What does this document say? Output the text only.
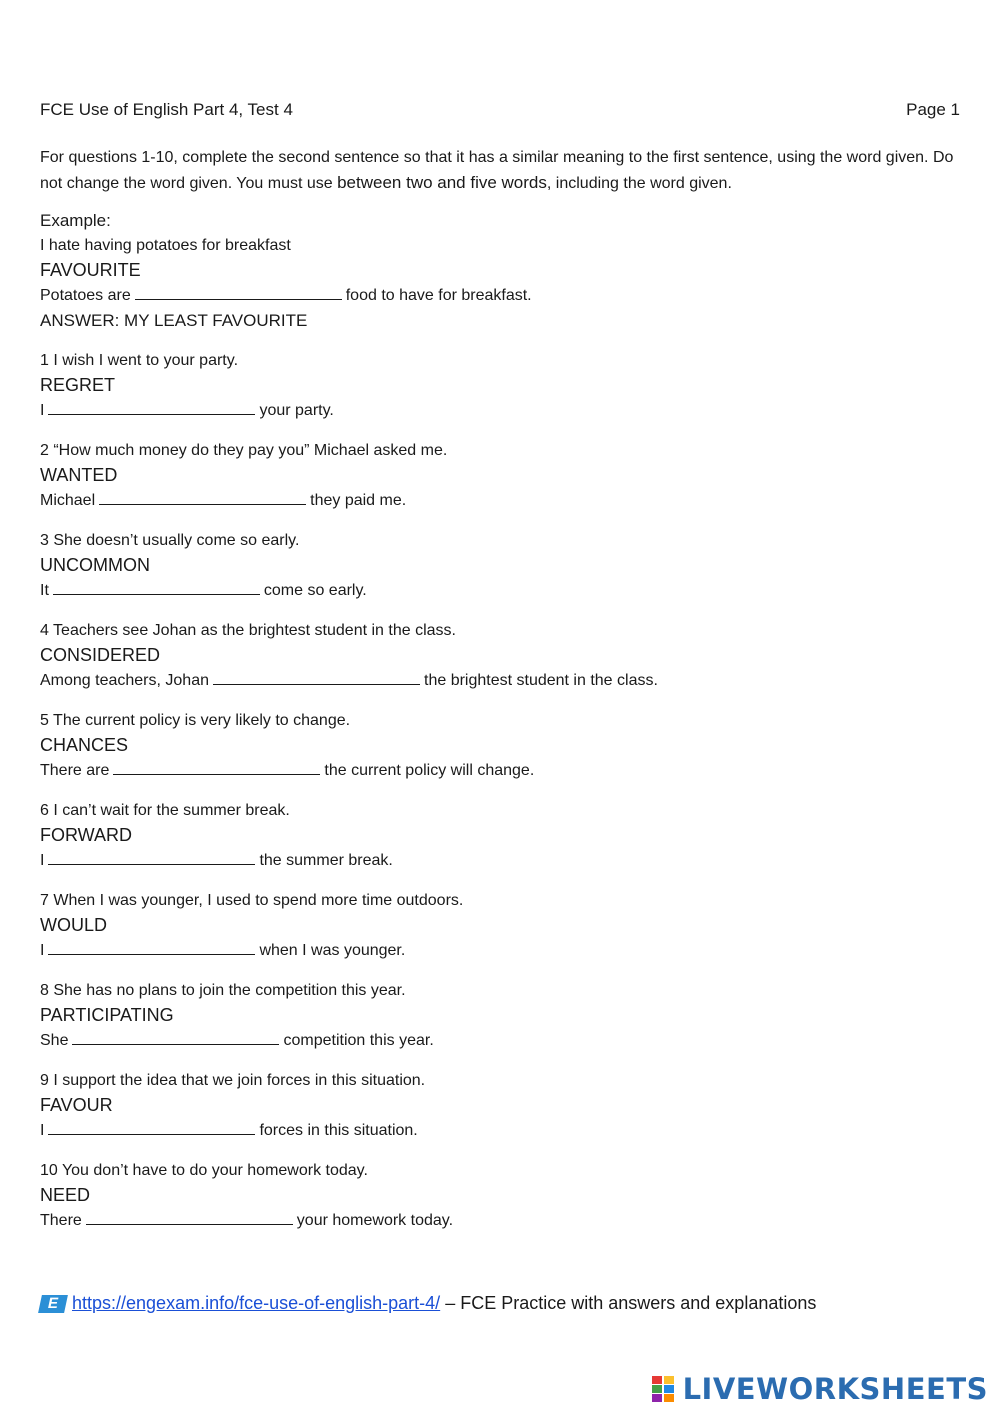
FCE Use of English Part 4, Test 4	Page 1
For questions 1-10, complete the second sentence so that it has a similar meaning to the first sentence, using the word given. Do not change the word given. You must use between two and five words, including the word given.
Example:
I hate having potatoes for breakfast
FAVOURITE
Potatoes are	food to have for breakfast.
ANSWER: MY LEAST FAVOURITE
1 I wish I went to your party.
REGRET
I	your party.
2 “How much money do they pay you” Michael asked me.
WANTED
Michael	they paid me.
3 She doesn’t usually come so early.
UNCOMMON
It	come so early.
4 Teachers see Johan as the brightest student in the class.
CONSIDERED
Among teachers, Johan	the brightest student in the class.
5 The current policy is very likely to change.
CHANCES
There are	the current policy will change.
6 I can’t wait for the summer break.
FORWARD
I	the summer break.
7 When I was younger, I used to spend more time outdoors.
WOULD
I	when I was younger.
8 She has no plans to join the competition this year.
PARTICIPATING
She	competition this year.
9 I support the idea that we join forces in this situation.
FAVOUR
I	forces in this situation.
10 You don’t have to do your homework today.
NEED
There	your homework today.
E https://engexam.info/fce-use-of-english-part-4/ – FCE Practice with answers and explanations
LIVEWORKSHEETS
